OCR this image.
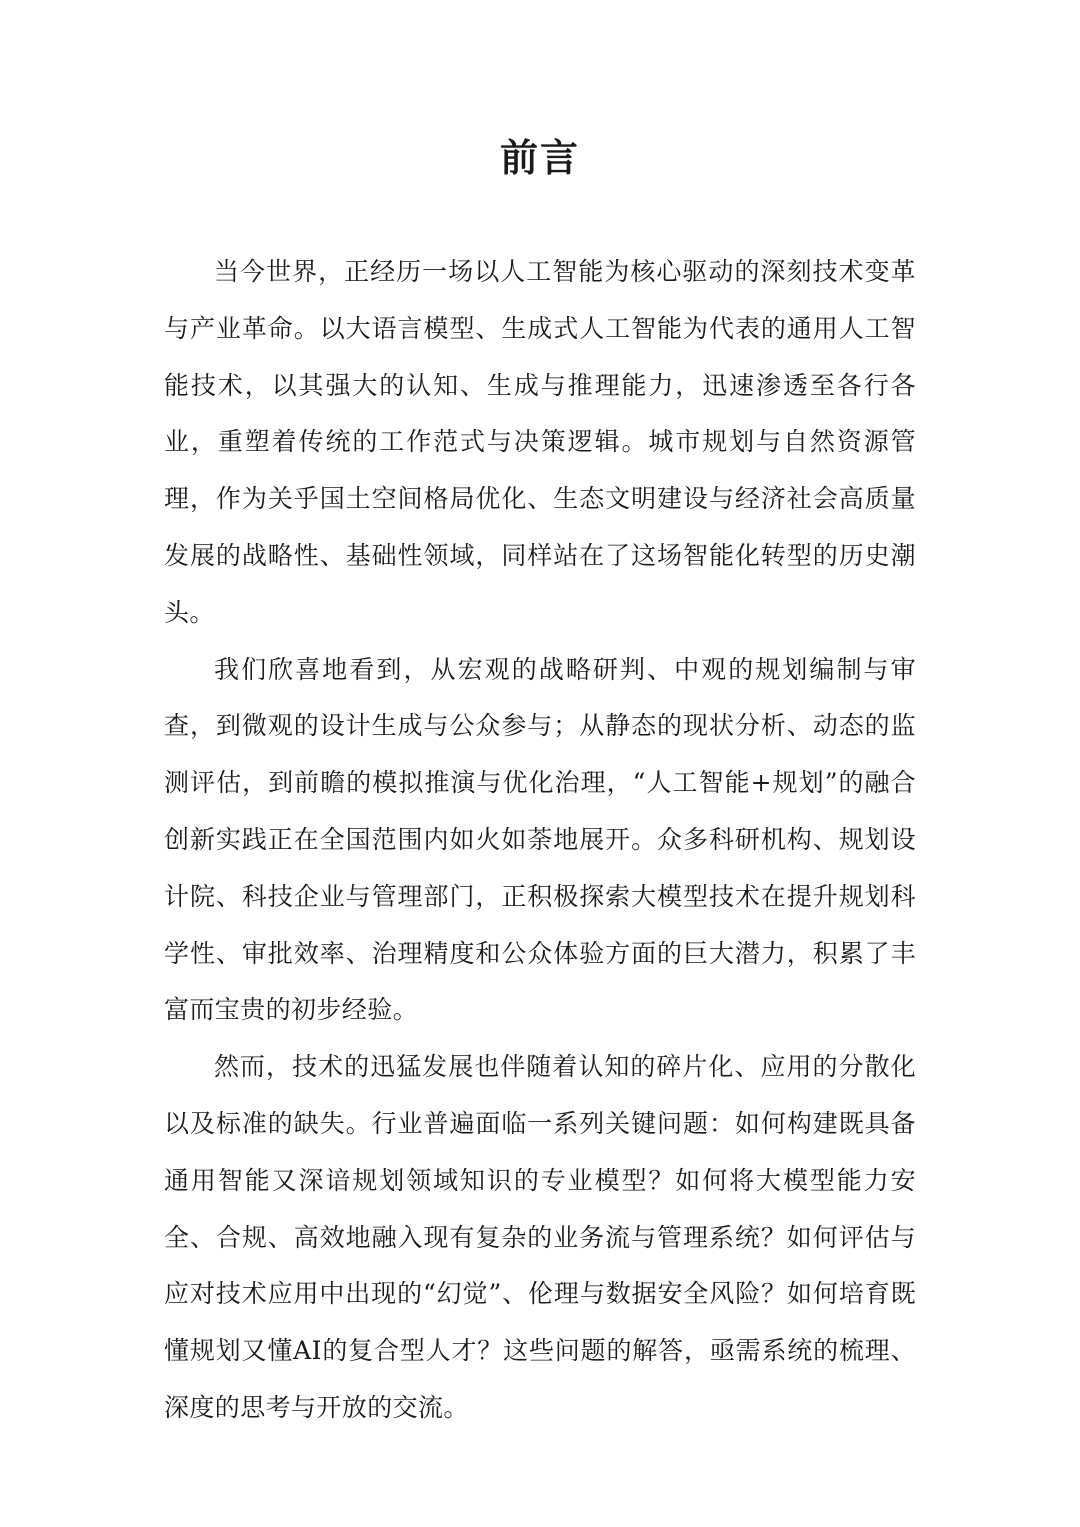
前言

当今世界，正经历一场以人工智能为核心驱动的深刻技术变革与产业革命。以大语言模型、生成式人工智能为代表的通用人工智能技术，以其强大的认知、生成与推理能力，迅速渗透至各行各业，重塑着传统的工作范式与决策逻辑。城市规划与自然资源管理，作为关乎国土空间格局优化、生态文明建设与经济社会高质量发展的战略性、基础性领域，同样站在了这场智能化转型的历史潮头。

我们欣喜地看到，从宏观的战略研判、中观的规划编制与审查，到微观的设计生成与公众参与；从静态的现状分析、动态的监测评估，到前瞻的模拟推演与优化治理，“人工智能+规划”的融合创新实践正在全国范围内如火如荼地展开。众多科研机构、规划设计院、科技企业与管理部门，正积极探索大模型技术在提升规划科学性、审批效率、治理精度和公众体验方面的巨大潜力，积累了丰富而宝贵的初步经验。

然而，技术的迅猛发展也伴随着认知的碎片化、应用的分散化以及标准的缺失。行业普遍面临一系列关键问题：如何构建既具备通用智能又深谙规划领域知识的专业模型？如何将大模型能力安全、合规、高效地融入现有复杂的业务流与管理系统？如何评估与应对技术应用中出现的“幻觉”、伦理与数据安全风险？如何培育既懂规划又懂AI的复合型人才？这些问题的解答，亟需系统的梳理、深度的思考与开放的交流。
